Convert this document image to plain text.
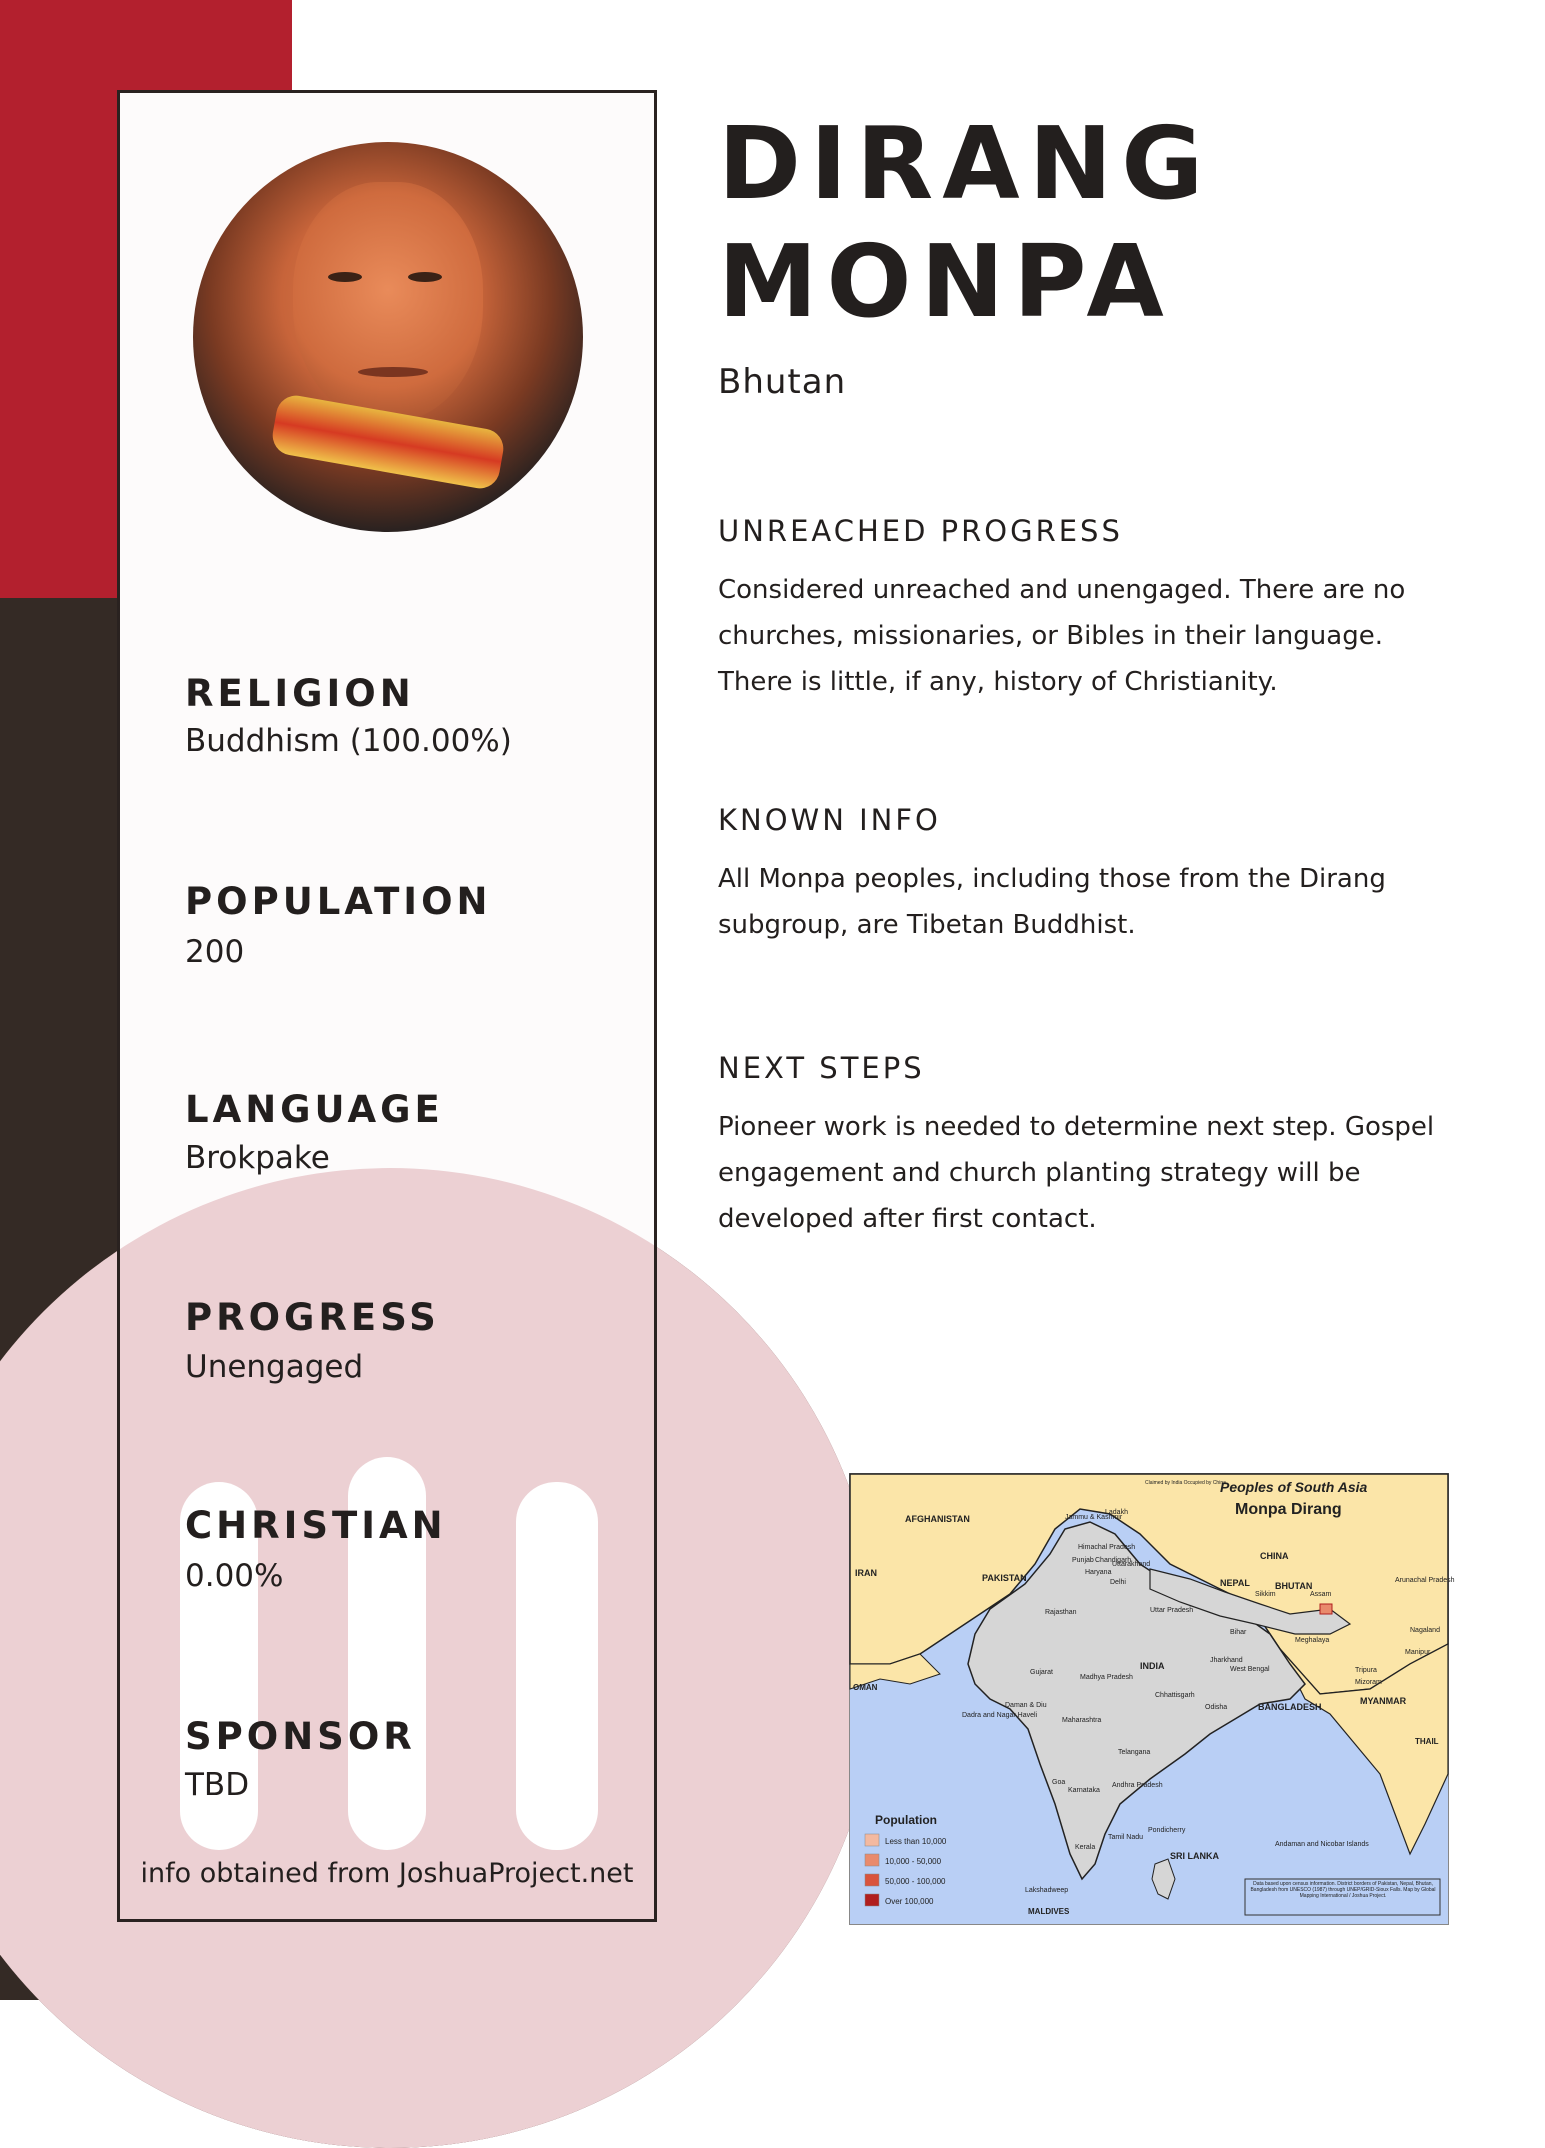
RELIGION
Buddhism (100.00%)
POPULATION
200
LANGUAGE
Brokpake
PROGRESS
Unengaged
CHRISTIAN
0.00%
SPONSOR
TBD
info obtained from JoshuaProject.net
DIRANG
MONPA
Bhutan
UNREACHED PROGRESS
Considered unreached and unengaged. There are no churches, missionaries, or Bibles in their language. There is little, if any, history of Christianity.
KNOWN INFO
All Monpa peoples, including those from the Dirang subgroup, are Tibetan Buddhist.
NEXT STEPS
Pioneer work is needed to determine next step. Gospel engagement and church planting strategy will be developed after first contact.
Peoples of South Asia
Monpa Dirang
AFGHANISTAN
IRAN	PAKISTAN
CHINA
NEPAL	BHUTAN
INDIA
BANGLADESH
MYANMAR
OMAN
SRI LANKA
MALDIVES
THAIL
Jammu & Kashmir
Ladakh
Himachal Pradesh
Punjab Chandigarh
Uttarakhand
Haryana
Delhi
Rajasthan	Uttar Pradesh
Sikkim	Assam
Arunachal Pradesh
Nagaland
Manipur
Meghalaya
Tripura
Mizoram
Bihar
Jharkhand
West Bengal
Gujarat
Madhya Pradesh
Chhattisgarh
Odisha
Daman & Diu
Dadra and Nagar Haveli
Maharashtra
Telangana
Goa
Karnataka
Andhra Pradesh
Kerala
Tamil Nadu
Pondicherry
Lakshadweep
Andaman and Nicobar Islands
Claimed by India Occupied by China
Population
Less than 10,000
10,000 - 50,000
50,000 - 100,000
Over 100,000
Data based upon census information. District borders of Pakistan, Nepal, Bhutan, Bangladesh from UNESCO (1987) through UNEP/GRID-Sioux Falls. Map by Global Mapping International / Joshua Project.
